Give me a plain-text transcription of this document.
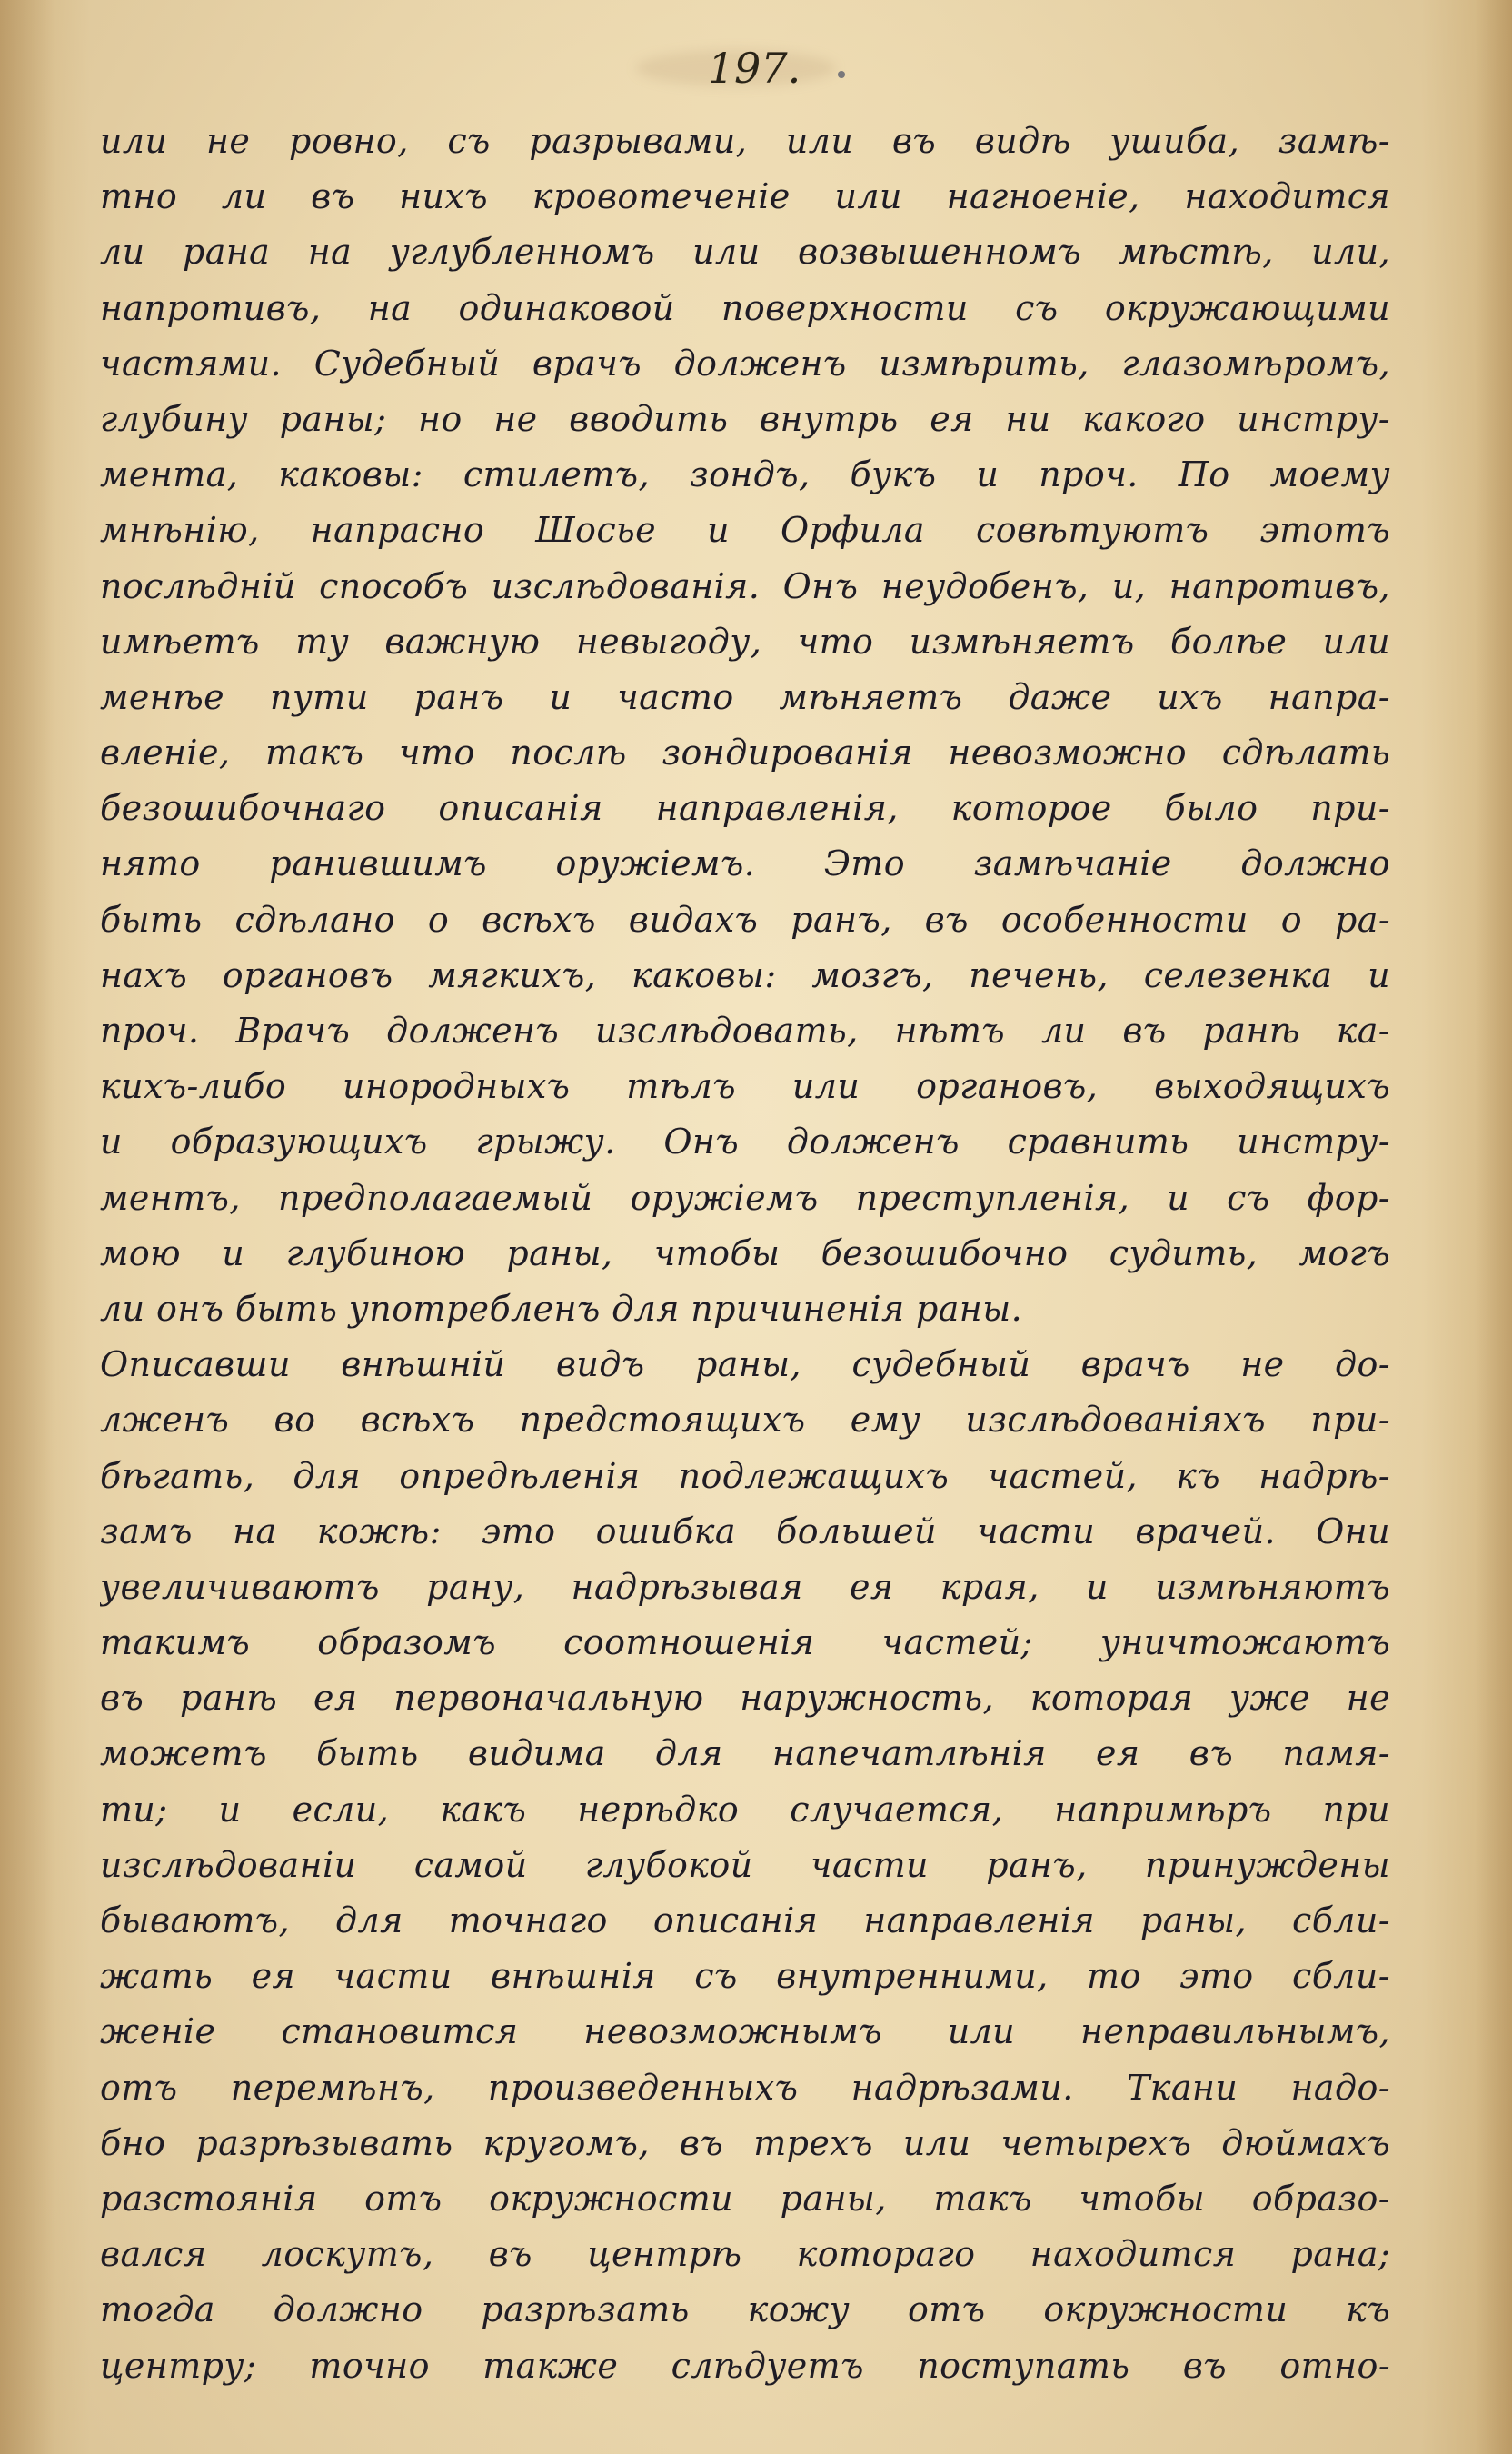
197.
или не ровно, съ разрывами, или въ видѣ ушиба, замѣ-
тно ли въ нихъ кровотеченіе или нагноеніе, находится
ли рана на углубленномъ или возвышенномъ мѣстѣ, или,
напротивъ, на одинаковой поверхности съ окружающими
частями. Судебный врачъ долженъ измѣрить, глазомѣромъ,
глубину раны; но не вводить внутрь ея ни какого инстру-
мента, каковы: стилетъ, зондъ, букъ и проч. По моему
мнѣнію, напрасно Шосье и Орфила совѣтуютъ этотъ
послѣдній способъ изслѣдованія. Онъ неудобенъ, и, напротивъ,
имѣетъ ту важную невыгоду, что измѣняетъ болѣе или
менѣе пути ранъ и часто мѣняетъ даже ихъ напра-
вленіе, такъ что послѣ зондированія невозможно сдѣлать
безошибочнаго описанія направленія, которое было при-
нято ранившимъ оружіемъ. Это замѣчаніе должно
быть сдѣлано о всѣхъ видахъ ранъ, въ особенности о ра-
нахъ органовъ мягкихъ, каковы: мозгъ, печень, селезенка и
проч. Врачъ долженъ изслѣдовать, нѣтъ ли въ ранѣ ка-
кихъ-либо инородныхъ тѣлъ или органовъ, выходящихъ
и образующихъ грыжу. Онъ долженъ сравнить инстру-
ментъ, предполагаемый оружіемъ преступленія, и съ фор-
мою и глубиною раны, чтобы безошибочно судить, могъ
ли онъ быть употребленъ для причиненія раны.
Описавши внѣшній видъ раны, судебный врачъ не до-
лженъ во всѣхъ предстоящихъ ему изслѣдованіяхъ при-
бѣгать, для опредѣленія подлежащихъ частей, къ надрѣ-
замъ на кожѣ: это ошибка большей части врачей. Они
увеличиваютъ рану, надрѣзывая ея края, и измѣняютъ
такимъ образомъ соотношенія частей; уничтожаютъ
въ ранѣ ея первоначальную наружность, которая уже не
можетъ быть видима для напечатлѣнія ея въ памя-
ти; и если, какъ нерѣдко случается, напримѣръ при
изслѣдованіи самой глубокой части ранъ, принуждены
бываютъ, для точнаго описанія направленія раны, сбли-
жать ея части внѣшнія съ внутренними, то это сбли-
женіе становится невозможнымъ или неправильнымъ,
отъ перемѣнъ, произведенныхъ надрѣзами. Ткани надо-
бно разрѣзывать кругомъ, въ трехъ или четырехъ дюймахъ
разстоянія отъ окружности раны, такъ чтобы образо-
вался лоскутъ, въ центрѣ котораго находится рана;
тогда должно разрѣзать кожу отъ окружности къ
центру; точно также слѣдуетъ поступать въ отно-
